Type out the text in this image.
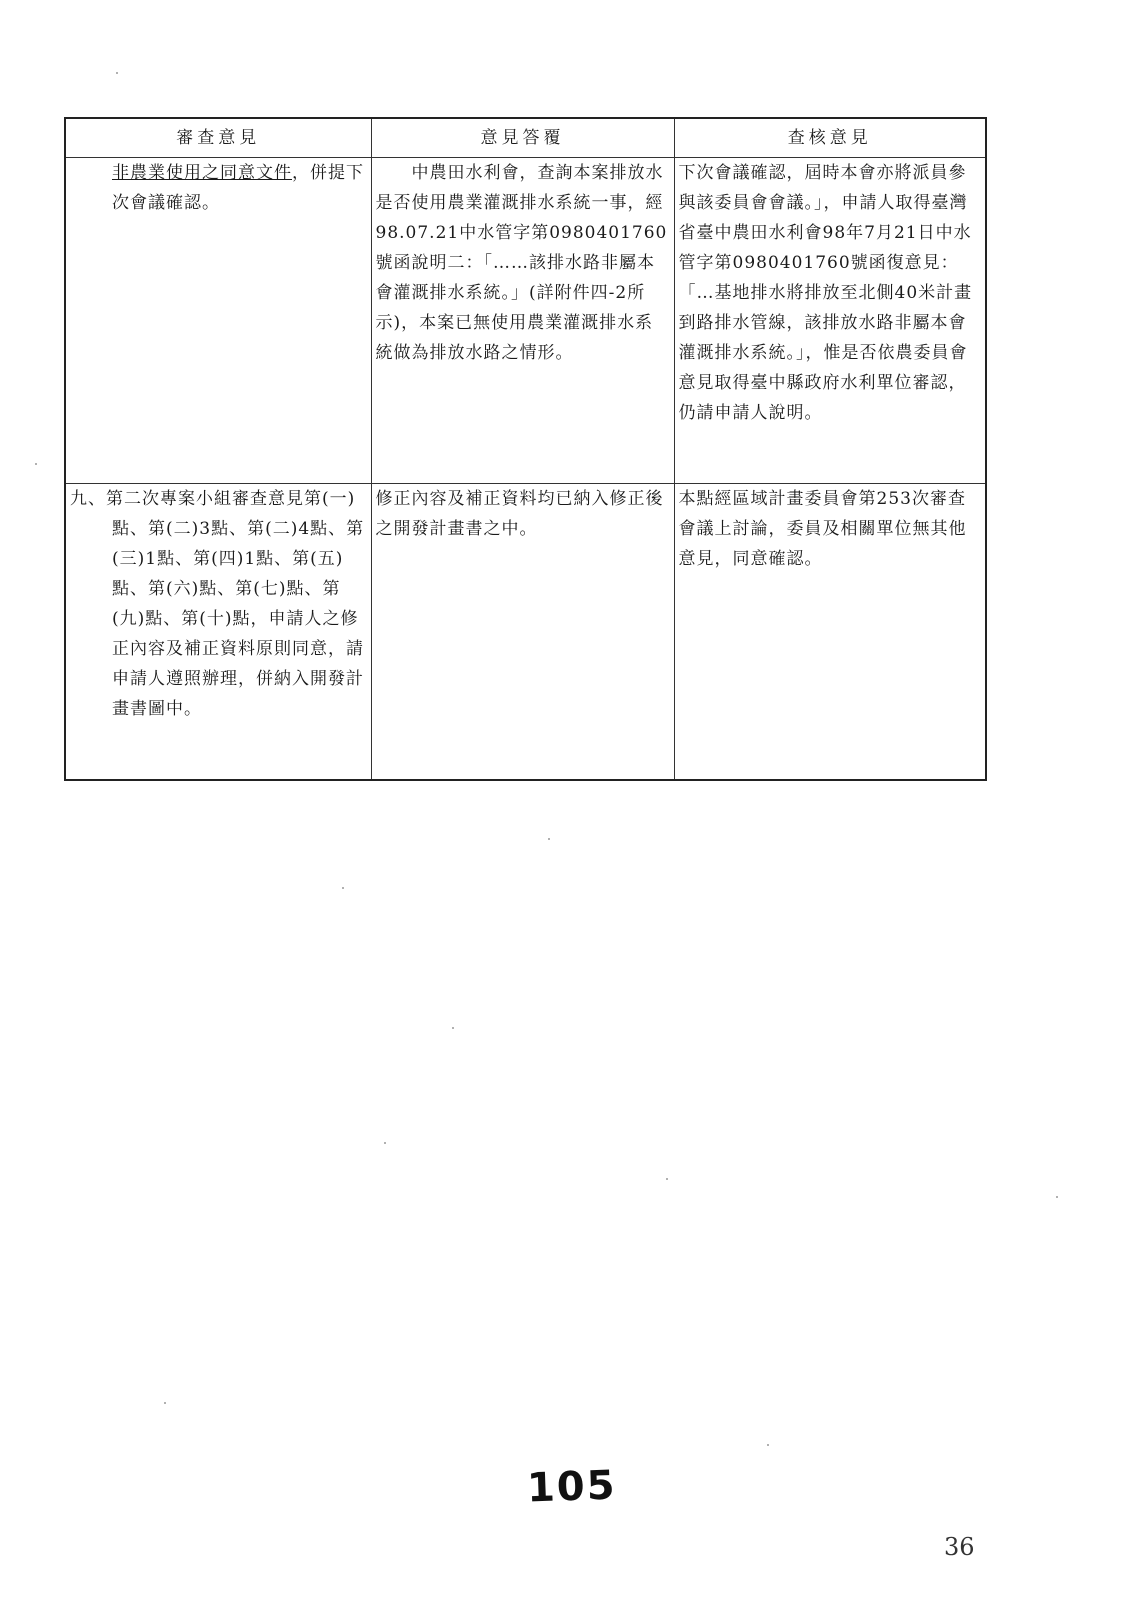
審查意見	意見答覆	查核意見

非農業使用之同意文件，併提下次會議確認。	中農田水利會，查詢本案排放水是否使用農業灌溉排水系統一事，經98.07.21中水管字第0980401760號函說明二：「……該排水路非屬本會灌溉排水系統。」(詳附件四-2所示)，本案已無使用農業灌溉排水系統做為排放水路之情形。	下次會議確認，屆時本會亦將派員參與該委員會會議。」，申請人取得臺灣省臺中農田水利會98年7月21日中水管字第0980401760號函復意見：「…基地排水將排放至北側40米計畫到路排水管線，該排放水路非屬本會灌溉排水系統。」，惟是否依農委員會意見取得臺中縣政府水利單位審認，仍請申請人說明。

九、第二次專案小組審查意見第(一)點、第(二)3點、第(二)4點、第(三)1點、第(四)1點、第(五)點、第(六)點、第(七)點、第(九)點、第(十)點，申請人之修正內容及補正資料原則同意，請申請人遵照辦理，併納入開發計畫書圖中。	修正內容及補正資料均已納入修正後之開發計畫書之中。	本點經區域計畫委員會第253次審查會議上討論，委員及相關單位無其他意見，同意確認。
105
36
